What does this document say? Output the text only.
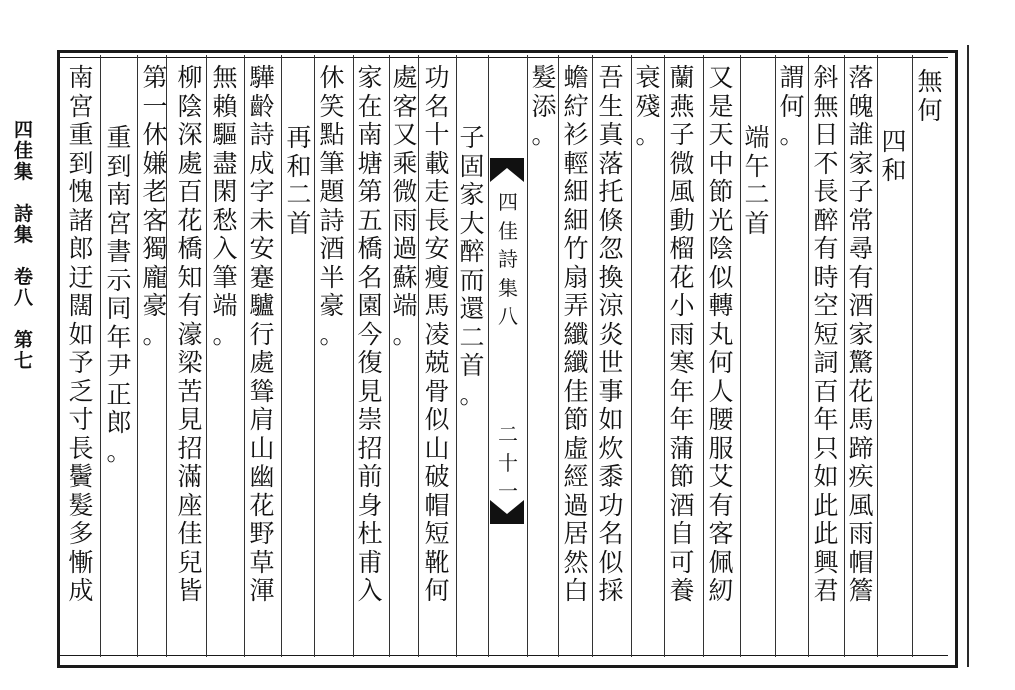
四
佳
詩
集
八
二
十
一
無
何
四
和
落
魄
誰
家
子
常
尋
有
酒
家
驚
花
馬
蹄
疾
風
雨
帽
簷
斜
無
日
不
長
醉
有
時
空
短
詞
百
年
只
如
此
此
興
君
謂
何
。
端
午
二
首
又
是
天
中
節
光
陰
似
轉
丸
何
人
腰
服
艾
有
客
佩
紉
蘭
燕
子
微
風
動
榴
花
小
雨
寒
年
年
蒲
節
酒
自
可
養
衰
殘
。
吾
生
真
落
托
倏
忽
換
涼
炎
世
事
如
炊
黍
功
名
似
採
蟾
紵
衫
輕
細
細
竹
扇
弄
纖
纖
佳
節
虛
經
過
居
然
白
髮
添
。
子
固
家
大
醉
而
還
二
首
。
功
名
十
載
走
長
安
瘦
馬
凌
兢
骨
似
山
破
帽
短
靴
何
處
客
又
乘
微
雨
過
蘇
端
。
家
在
南
塘
第
五
橋
名
園
今
復
見
崇
招
前
身
杜
甫
入
休
笑
點
筆
題
詩
酒
半
豪
。
再
和
二
首
驊
齡
詩
成
字
未
安
蹇
驢
行
處
聳
肩
山
幽
花
野
草
渾
無
賴
驅
盡
閑
愁
入
筆
端
。
柳
陰
深
處
百
花
橋
知
有
濠
梁
苦
見
招
滿
座
佳
兒
皆
第
一
休
嫌
老
客
獨
龐
豪
。
重
到
南
宮
書
示
同
年
尹
正
郎
。
南
宮
重
到
愧
諸
郎
迂
闊
如
予
乏
寸
長
鬢
髮
多
慚
成
四
佳
集

詩
集

卷
八

第
七
